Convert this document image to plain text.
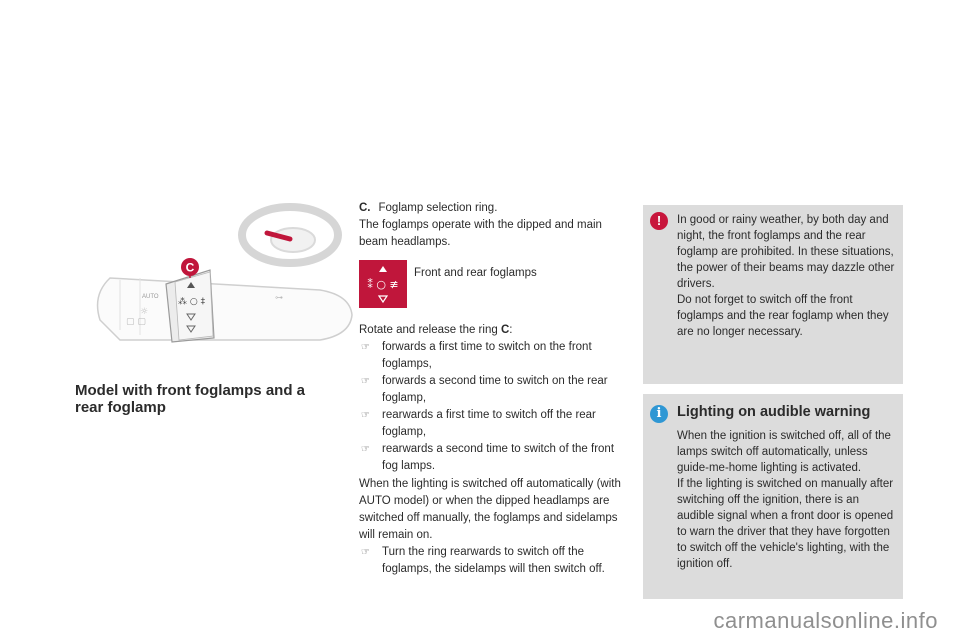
⁂ ○ ‡
AUTO
☼
▢ ▢
⊶
C
Model with front foglamps and a rear foglamp

C. Foglamp selection ring.

The foglamps operate with the dipped and main beam headlamps.

⁑ ○ ≢
Front and rear foglamps
Rotate and release the ring C:
☞ forwards a first time to switch on the front foglamps,
☞ forwards a second time to switch on the rear foglamp,
☞ rearwards a first time to switch off the rear foglamp,
☞ rearwards a second time to switch of the front fog lamps.
When the lighting is switched off automatically (with AUTO model) or when the dipped headlamps are switched off manually, the foglamps and sidelamps will remain on.
☞ Turn the ring rearwards to switch off the foglamps, the sidelamps will then switch off.
!	In good or rainy weather, by both day and night, the front foglamps and the rear foglamp are prohibited. In these situations, the power of their beams may dazzle other drivers.
Do not forget to switch off the front foglamps and the rear foglamp when they are no longer necessary.
i	Lighting on audible warning
When the ignition is switched off, all of the lamps switch off automatically, unless guide-me-home lighting is activated.
If the lighting is switched on manually after switching off the ignition, there is an audible signal when a front door is opened to warn the driver that they have forgotten to switch off the vehicle's lighting, with the ignition off.
carmanualsonline.info
